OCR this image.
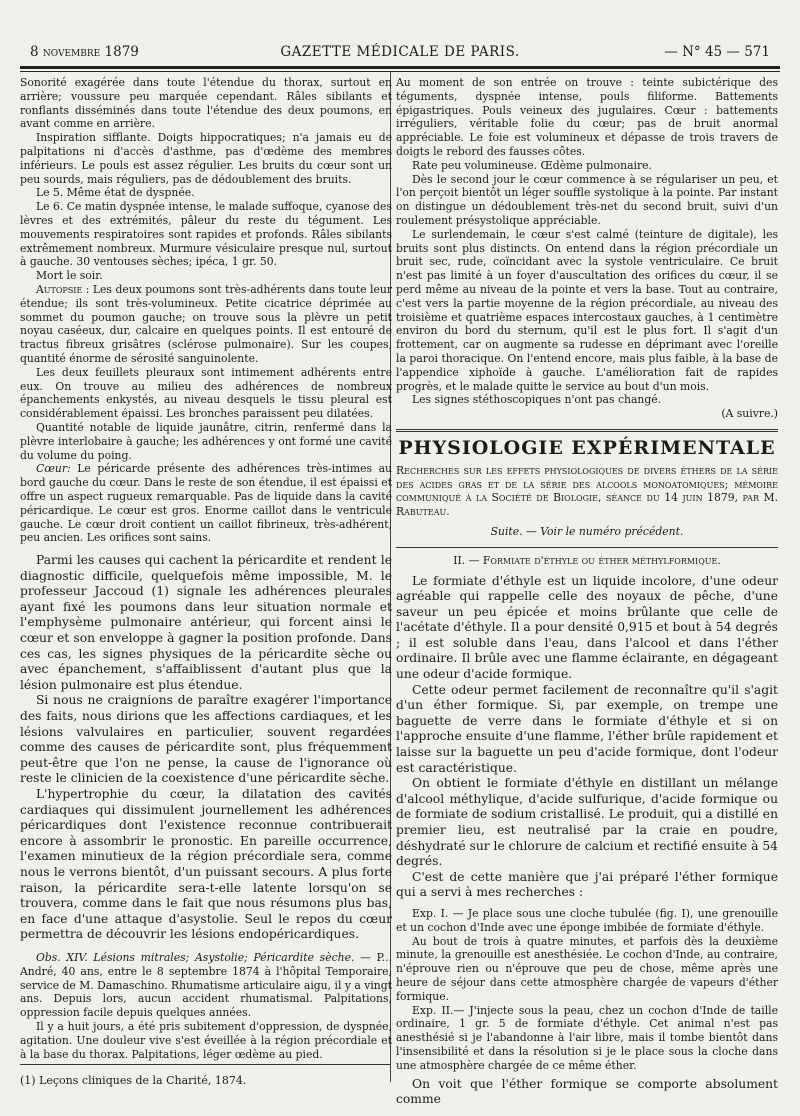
8 novembre 1879	GAZETTE MÉDICALE DE PARIS.	— N° 45 — 571

Sonorité exagérée dans toute l'étendue du thorax, surtout en arrière; voussure peu marquée cependant. Râles sibilants et ronflants disséminés dans toute l'étendue des deux poumons, en avant comme en arrière.

Inspiration sifflante. Doigts hippocratiques; n'a jamais eu de palpitations ni d'accès d'asthme, pas d'œdème des membres inférieurs. Le pouls est assez régulier. Les bruits du cœur sont un peu sourds, mais réguliers, pas de dédoublement des bruits.

Le 5. Même état de dyspnée.

Le 6. Ce matin dyspnée intense, le malade suffoque, cyanose des lèvres et des extrémités, pâleur du reste du tégument. Les mouvements respiratoires sont rapides et profonds. Râles sibilants extrêmement nombreux. Murmure vésiculaire presque nul, surtout à gauche. 30 ventouses sèches; ipéca, 1 gr. 50.

Mort le soir.

Autopsie : Les deux poumons sont très-adhérents dans toute leur étendue; ils sont très-volumineux. Petite cicatrice déprimée au sommet du poumon gauche; on trouve sous la plèvre un petit noyau caséeux, dur, calcaire en quelques points. Il est entouré de tractus fibreux grisâtres (sclérose pulmonaire). Sur les coupes, quantité énorme de sérosité sanguinolente.

Les deux feuillets pleuraux sont intimement adhérents entre eux. On trouve au milieu des adhérences de nombreux épanchements enkystés, au niveau desquels le tissu pleural est considérablement épaissi. Les bronches paraissent peu dilatées.

Quantité notable de liquide jaunâtre, citrin, renfermé dans la plèvre interlobaire à gauche; les adhérences y ont formé une cavité du volume du poing.

Cœur: Le péricarde présente des adhérences très-intimes au bord gauche du cœur. Dans le reste de son étendue, il est épaissi et offre un aspect rugueux remarquable. Pas de liquide dans la cavité péricardique. Le cœur est gros. Enorme caillot dans le ventricule gauche. Le cœur droit contient un caillot fibrineux, très-adhérent, peu ancien. Les orifices sont sains.

Parmi les causes qui cachent la péricardite et rendent le diagnostic difficile, quelquefois même impossible, M. le professeur Jaccoud (1) signale les adhérences pleurales ayant fixé les poumons dans leur situation normale et l'emphysème pulmonaire antérieur, qui forcent ainsi le cœur et son enveloppe à gagner la position profonde. Dans ces cas, les signes physiques de la péricardite sèche ou avec épanchement, s'affaiblissent d'autant plus que la lésion pulmonaire est plus étendue.

Si nous ne craignions de paraître exagérer l'importance des faits, nous dirions que les affections cardiaques, et les lésions valvulaires en particulier, souvent regardées comme des causes de péricardite sont, plus fréquemment peut-être que l'on ne pense, la cause de l'ignorance où reste le clinicien de la coexistence d'une péricardite sèche.

L'hypertrophie du cœur, la dilatation des cavités cardiaques qui dissimulent journellement les adhérences péricardiques dont l'existence reconnue contribuerait encore à assombrir le pronostic. En pareille occurrence, l'examen minutieux de la région précordiale sera, comme nous le verrons bientôt, d'un puissant secours. A plus forte raison, la péricardite sera-t-elle latente lorsqu'on se trouvera, comme dans le fait que nous résumons plus bas, en face d'une attaque d'asystolie. Seul le repos du cœur permettra de découvrir les lésions endopéricardiques.

Obs. XIV. Lésions mitrales; Asystolie; Péricardite sèche. — P... André, 40 ans, entre le 8 septembre 1874 à l'hôpital Temporaire, service de M. Damaschino. Rhumatisme articulaire aigu, il y a vingt ans. Depuis lors, aucun accident rhumatismal. Palpitations, oppression facile depuis quelques années.

Il y a huit jours, a été pris subitement d'oppression, de dyspnée, agitation. Une douleur vive s'est éveillée à la région précordiale et à la base du thorax. Palpitations, léger œdème au pied.

(1) Leçons cliniques de la Charité, 1874.

Au moment de son entrée on trouve : teinte subictérique des téguments, dyspnée intense, pouls filiforme. Battements épigastriques. Pouls veineux des jugulaires. Cœur : battements irréguliers, véritable folie du cœur; pas de bruit anormal appréciable. Le foie est volumineux et dépasse de trois travers de doigts le rebord des fausses côtes.

Rate peu volumineuse. Œdème pulmonaire.

Dès le second jour le cœur commence à se régulariser un peu, et l'on perçoit bientôt un léger souffle systolique à la pointe. Par instant on distingue un dédoublement très-net du second bruit, suivi d'un roulement présystolique appréciable.

Le surlendemain, le cœur s'est calmé (teinture de digitale), les bruits sont plus distincts. On entend dans la région précordiale un bruit sec, rude, coïncidant avec la systole ventriculaire. Ce bruit n'est pas limité à un foyer d'auscultation des orifices du cœur, il se perd même au niveau de la pointe et vers la base. Tout au contraire, c'est vers la partie moyenne de la région précordiale, au niveau des troisième et quatrième espaces intercostaux gauches, à 1 centimètre environ du bord du sternum, qu'il est le plus fort. Il s'agit d'un frottement, car on augmente sa rudesse en déprimant avec l'oreille la paroi thoracique. On l'entend encore, mais plus faible, à la base de l'appendice xiphoïde à gauche. L'amélioration fait de rapides progrès, et le malade quitte le service au bout d'un mois.

Les signes stéthoscopiques n'ont pas changé.

(A suivre.)

PHYSIOLOGIE EXPÉRIMENTALE

Recherches sur les effets physiologiques de divers éthers de la série des acides gras et de la série des alcools monoatomiques; mémoire communiqué à la Société de Biologie, séance du 14 juin 1879, par M. Rabuteau.

Suite. — Voir le numéro précédent.

II. — Formiate d'éthyle ou éther méthylformique.

Le formiate d'éthyle est un liquide incolore, d'une odeur agréable qui rappelle celle des noyaux de pêche, d'une saveur un peu épicée et moins brûlante que celle de l'acétate d'éthyle. Il a pour densité 0,915 et bout à 54 degrés ; il est soluble dans l'eau, dans l'alcool et dans l'éther ordinaire. Il brûle avec une flamme éclairante, en dégageant une odeur d'acide formique.

Cette odeur permet facilement de reconnaître qu'il s'agit d'un éther formique. Si, par exemple, on trempe une baguette de verre dans le formiate d'éthyle et si on l'approche ensuite d'une flamme, l'éther brûle rapidement et laisse sur la baguette un peu d'acide formique, dont l'odeur est caractéristique.

On obtient le formiate d'éthyle en distillant un mélange d'alcool méthylique, d'acide sulfurique, d'acide formique ou de formiate de sodium cristallisé. Le produit, qui a distillé en premier lieu, est neutralisé par la craie en poudre, déshydraté sur le chlorure de calcium et rectifié ensuite à 54 degrés.

C'est de cette manière que j'ai préparé l'éther formique qui a servi à mes recherches :

Exp. I. — Je place sous une cloche tubulée (fig. I), une grenouille et un cochon d'Inde avec une éponge imbibée de formiate d'éthyle.

Au bout de trois à quatre minutes, et parfois dès la deuxième minute, la grenouille est anesthésiée. Le cochon d'Inde, au contraire, n'éprouve rien ou n'éprouve que peu de chose, même après une heure de séjour dans cette atmosphère chargée de vapeurs d'éther formique.

Exp. II.— J'injecte sous la peau, chez un cochon d'Inde de taille ordinaire, 1 gr. 5 de formiate d'éthyle. Cet animal n'est pas anesthésié si je l'abandonne à l'air libre, mais il tombe bientôt dans l'insensibilité et dans la résolution si je le place sous la cloche dans une atmosphère chargée de ce même éther.

On voit que l'éther formique se comporte absolument comme
